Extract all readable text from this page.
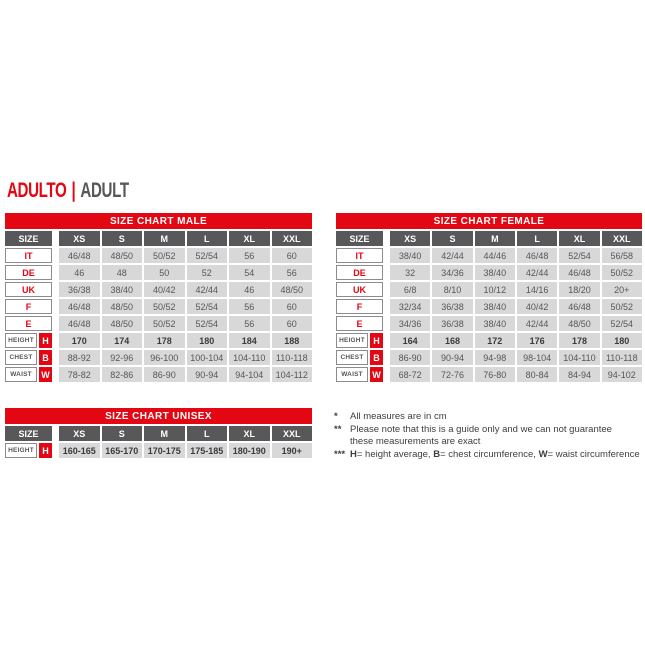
ADULTO | ADULT
SIZE CHART MALE
SIZE	XS	S	M	L	XL	XXL
IT	46/48	48/50	50/52	52/54	56	60
DE	46	48	50	52	54	56
UK	36/38	38/40	40/42	42/44	46	48/50
F	46/48	48/50	50/52	52/54	56	60
E	46/48	48/50	50/52	52/54	56	60
HEIGHT H	170	174	178	180	184	188
CHEST	B	88-92	92-96	96-100	100-104	104-110	110-118
WAIST	W	78-82	82-86	86-90	90-94	94-104	104-112
SIZE CHART FEMALE
SIZE	XS	S	M	L	XL	XXL
IT	38/40	42/44	44/46	46/48	52/54	56/58
DE	32	34/36	38/40	42/44	46/48	50/52
UK	6/8	8/10	10/12	14/16	18/20	20+
F	32/34	36/38	38/40	40/42	46/48	50/52
E	34/36	36/38	38/40	42/44	48/50	52/54
HEIGHT H	164	168	172	176	178	180
CHEST	B	86-90	90-94	94-98	98-104	104-110	110-118
WAIST	W	68-72	72-76	76-80	80-84	84-94	94-102
SIZE CHART UNISEX
SIZE	XS	S	M	L	XL	XXL
HEIGHT H	160-165	165-170	170-175	175-185	180-190	190+
*	All measures are in cm
** Please note that this is a guide only and we can not guarantee
these measurements are exact
*** H= height average, B= chest circumference, W= waist circumference
